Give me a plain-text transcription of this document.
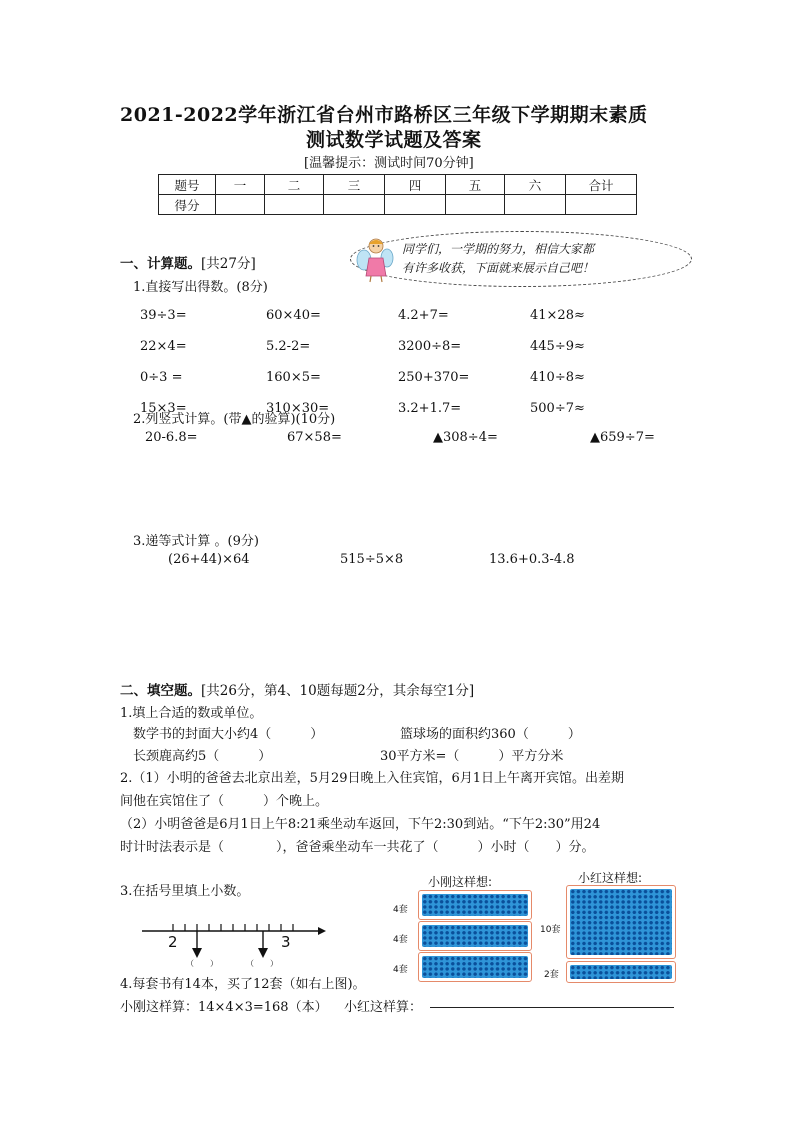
2021-2022学年浙江省台州市路桥区三年级下学期期末素质
测试数学试题及答案
[温馨提示：测试时间70分钟]
题号	一	二	三	四	五	六	合计
得分							
一、计算题。[共27分]
同学们，一学期的努力，相信大家都
有许多收获，下面就来展示自己吧！
1.直接写出得数。(8分)
39÷3=	60×40=	4.2+7=	41×28≈
22×4=	5.2-2=	3200÷8=	445÷9≈
0÷3 =	160×5=	250+370=	410÷8≈
15×3=	310×30=	3.2+1.7=	500÷7≈
2.列竖式计算。(带▲的验算)(10分)
20-6.8=	67×58=	▲308÷4=	▲659÷7=
3.递等式计算 。(9分)
(26+44)×64	515÷5×8	13.6+0.3-4.8
二、填空题。[共26分，第4、10题每题2分，其余每空1分]
1.填上合适的数或单位。
数学书的封面大小约4（　　　）	篮球场的面积约360（　　　）
长颈鹿高约5（　　　）	30平方米=（　　　）平方分米
2.（1）小明的爸爸去北京出差，5月29日晚上入住宾馆，6月1日上午离开宾馆。出差期
间他在宾馆住了（　　　）个晚上。
（2）小明爸爸是6月1日上午8:21乘坐动车返回，下午2:30到站。“下午2:30”用24
时计时法表示是（　　　　），爸爸乘坐动车一共花了（　　　）小时（　　）分。
3.在括号里填上小数。
2	3
（　　）	（　　）
4.每套书有14本，买了12套（如右上图)。
小刚这样算：14×4×3=168（本） 小红这样算：
小刚这样想:
4套
4套
4套
小红这样想:
10套
2套
